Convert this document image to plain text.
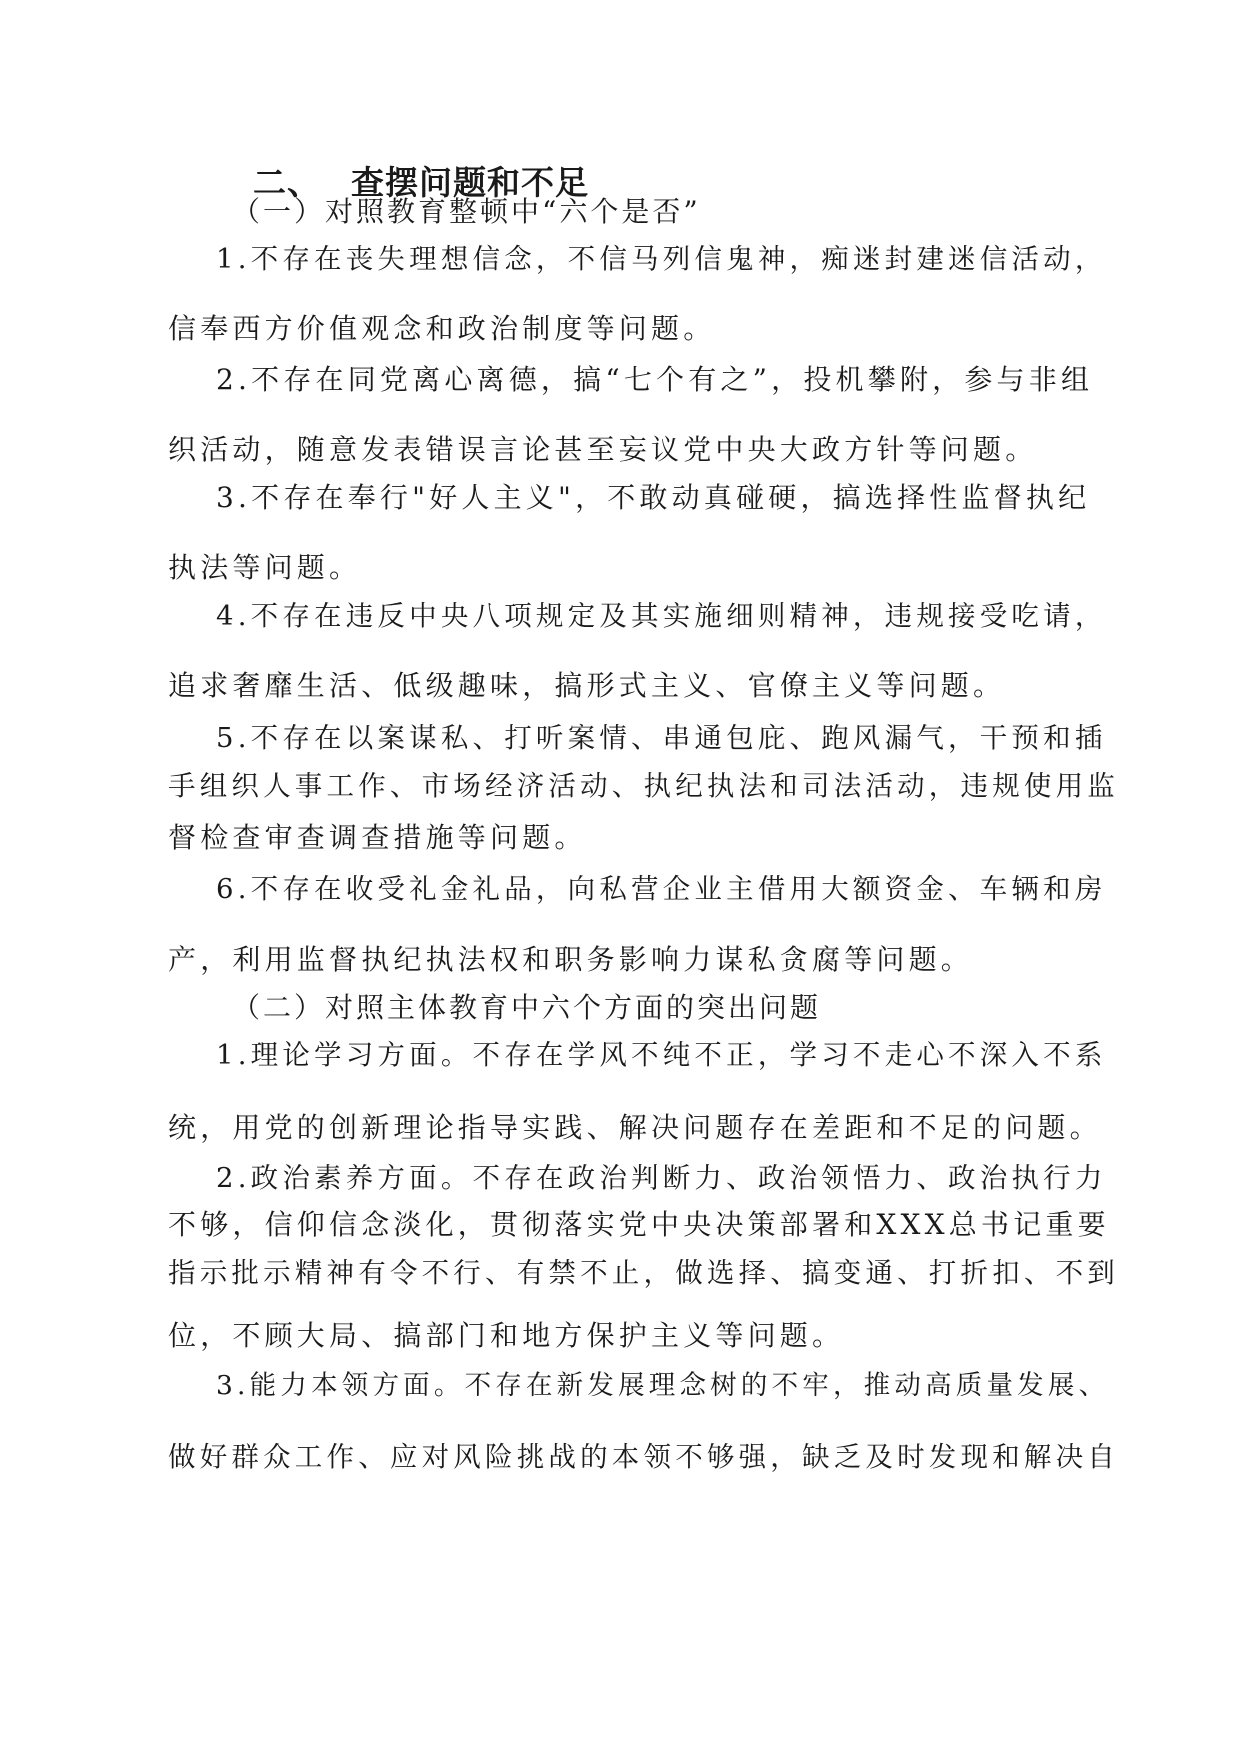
二、 查摆问题和不足
（一）对照教育整顿中“六个是否”
1.不存在丧失理想信念，不信马列信鬼神，痴迷封建迷信活动，
信奉西方价值观念和政治制度等问题。
2.不存在同党离心离德，搞“七个有之”，投机攀附，参与非组
织活动，随意发表错误言论甚至妄议党中央大政方针等问题。
3.不存在奉行"好人主义"，不敢动真碰硬，搞选择性监督执纪
执法等问题。
4.不存在违反中央八项规定及其实施细则精神，违规接受吃请，
追求奢靡生活、低级趣味，搞形式主义、官僚主义等问题。
5.不存在以案谋私、打听案情、串通包庇、跑风漏气，干预和插
手组织人事工作、市场经济活动、执纪执法和司法活动，违规使用监
督检查审查调查措施等问题。
6.不存在收受礼金礼品，向私营企业主借用大额资金、车辆和房
产，利用监督执纪执法权和职务影响力谋私贪腐等问题。
（二）对照主体教育中六个方面的突出问题
1.理论学习方面。不存在学风不纯不正，学习不走心不深入不系
统，用党的创新理论指导实践、解决问题存在差距和不足的问题。
2.政治素养方面。不存在政治判断力、政治领悟力、政治执行力
不够，信仰信念淡化，贯彻落实党中央决策部署和XXX总书记重要
指示批示精神有令不行、有禁不止，做选择、搞变通、打折扣、不到
位，不顾大局、搞部门和地方保护主义等问题。
3.能力本领方面。不存在新发展理念树的不牢，推动高质量发展、
做好群众工作、应对风险挑战的本领不够强，缺乏及时发现和解决自
